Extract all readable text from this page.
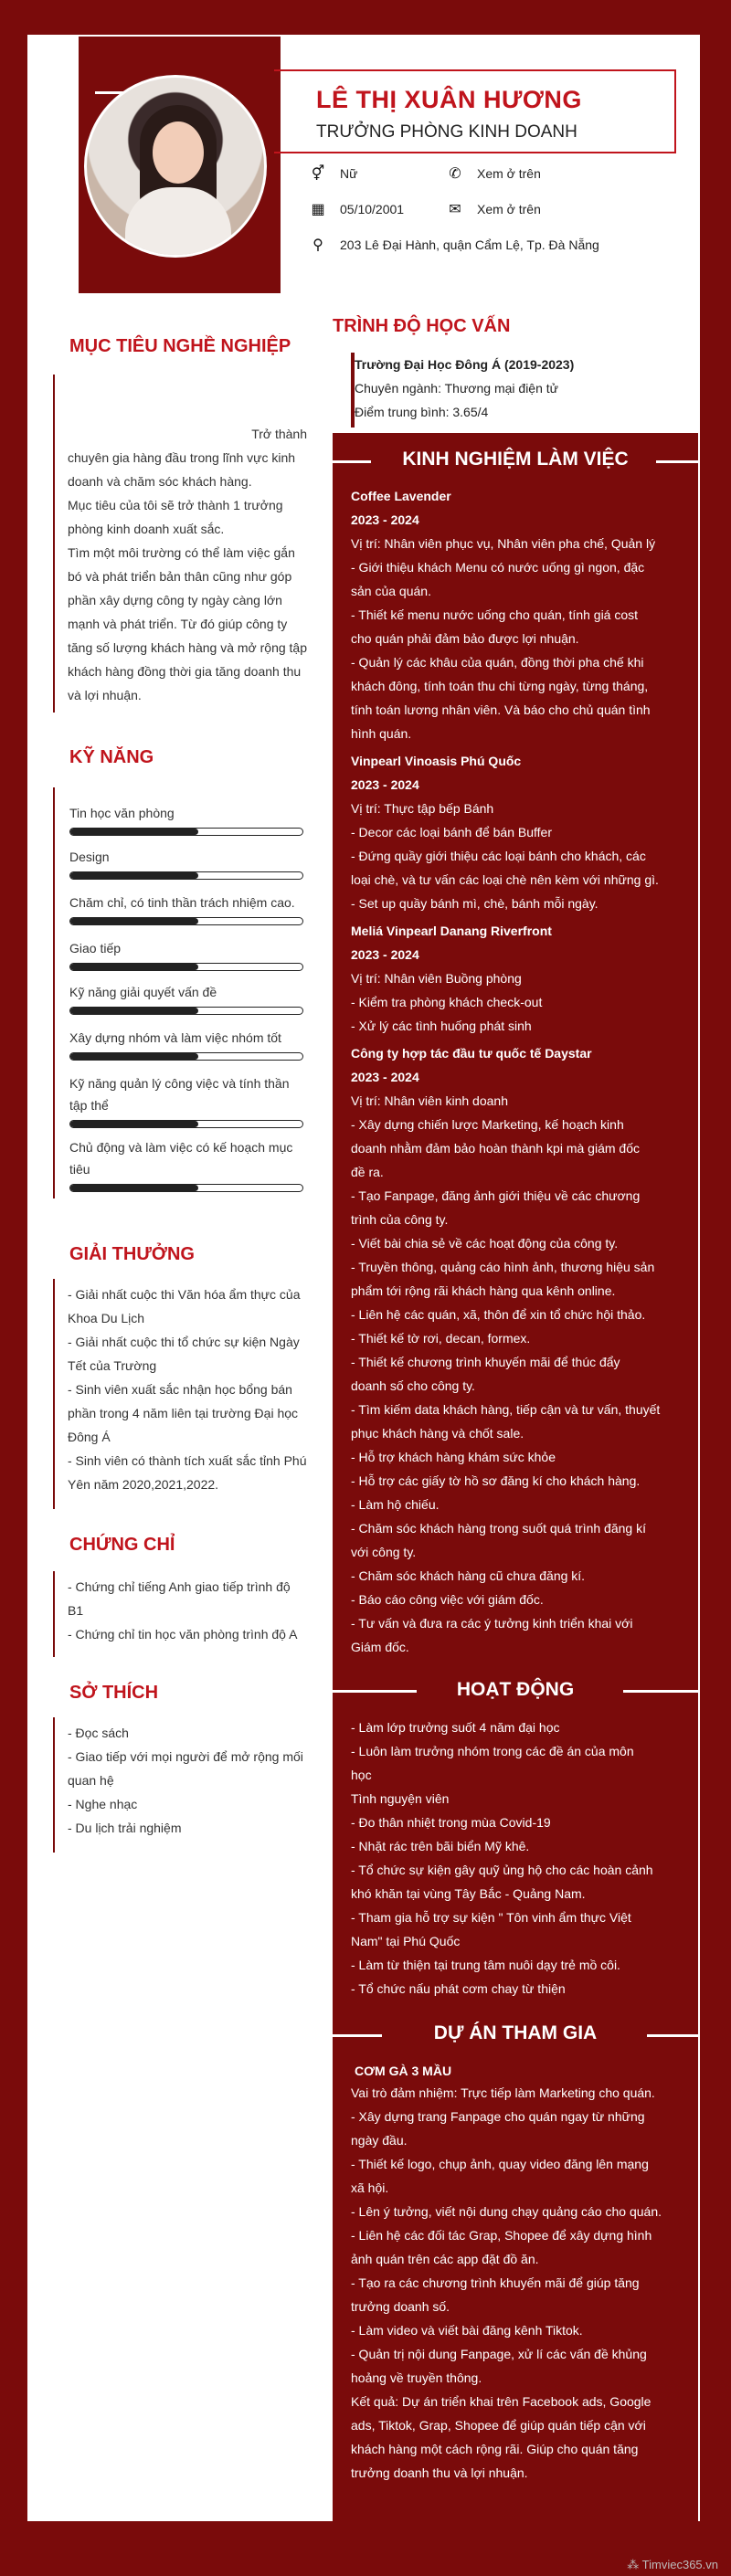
LÊ THỊ XUÂN HƯƠNG
TRƯỞNG PHÒNG KINH DOANH
⚥ Nữ	✆ Xem ở trên
▦ 05/10/2001	✉ Xem ở trên
⚲ 203 Lê Đại Hành, quận Cẩm Lệ, Tp. Đà Nẵng
MỤC TIÊU NGHỀ NGHIỆP
Trở thành
chuyên gia hàng đầu trong lĩnh vực kinh
doanh và chăm sóc khách hàng.
Mục tiêu của tôi sẽ trở thành 1 trưởng
phòng kinh doanh xuất sắc.
Tìm một môi trường có thể làm việc gắn
bó và phát triển bản thân cũng như góp
phần xây dựng công ty ngày càng lớn
mạnh và phát triển. Từ đó giúp công ty
tăng số lượng khách hàng và mở rộng tập
khách hàng đồng thời gia tăng doanh thu
và lợi nhuận.
KỸ NĂNG
GIẢI THƯỞNG
- Giải nhất cuộc thi Văn hóa ẩm thực của
Khoa Du Lịch
- Giải nhất cuộc thi tổ chức sự kiện Ngày
Tết của Trường
- Sinh viên xuất sắc nhận học bổng bán
phần trong 4 năm liên tại trường Đại học
Đông Á
- Sinh viên có thành tích xuất sắc tỉnh Phú
Yên năm 2020,2021,2022.
CHỨNG CHỈ
- Chứng chỉ tiếng Anh giao tiếp trình độ
B1
- Chứng chỉ tin học văn phòng trình độ A
SỞ THÍCH
- Đọc sách
- Giao tiếp với mọi người để mở rộng mối
quan hệ
- Nghe nhạc
- Du lịch trải nghiệm
TRÌNH ĐỘ HỌC VẤN
Trường Đại Học Đông Á (2019-2023)
Chuyên ngành: Thương mại điện tử
Điểm trung bình: 3.65/4
KINH NGHIỆM LÀM VIỆC
Coffee Lavender
2023 - 2024
Vị trí: Nhân viên phục vụ, Nhân viên pha chế, Quản lý
- Giới thiệu khách Menu có nước uống gì ngon, đặc
sản của quán.
- Thiết kế menu nước uống cho quán, tính giá cost
cho quán phải đảm bảo được lợi nhuận.
- Quản lý các khâu của quán, đồng thời pha chế khi
khách đông, tính toán thu chi từng ngày, từng tháng,
tính toán lương nhân viên. Và báo cho chủ quán tình
hình quán.
Vinpearl Vinoasis Phú Quốc
2023 - 2024
Vị trí: Thực tập bếp Bánh
- Decor các loại bánh để bán Buffer
- Đứng quầy giới thiệu các loại bánh cho khách, các
loại chè, và tư vấn các loại chè nên kèm với những gì.
- Set up quầy bánh mì, chè, bánh mỗi ngày.
Meliá Vinpearl Danang Riverfront
2023 - 2024
Vị trí: Nhân viên Buồng phòng
- Kiểm tra phòng khách check-out
- Xử lý các tình huống phát sinh
Công ty hợp tác đầu tư quốc tế Daystar
2023 - 2024
Vị trí: Nhân viên kinh doanh
- Xây dựng chiến lược Marketing, kế hoạch kinh
doanh nhằm đảm bảo hoàn thành kpi mà giám đốc
đề ra.
- Tạo Fanpage, đăng ảnh giới thiệu về các chương
trình của công ty.
- Viết bài chia sẻ về các hoạt động của công ty.
- Truyền thông, quảng cáo hình ảnh, thương hiệu sản
phẩm tới rộng rãi khách hàng qua kênh online.
- Liên hệ các quán, xã, thôn để xin tổ chức hội thảo.
- Thiết kế tờ rơi, decan, formex.
- Thiết kế chương trình khuyến mãi để thúc đẩy
doanh số cho công ty.
- Tìm kiếm data khách hàng, tiếp cận và tư vấn, thuyết
phục khách hàng và chốt sale.
- Hỗ trợ khách hàng khám sức khỏe
- Hỗ trợ các giấy tờ hồ sơ đăng kí cho khách hàng.
- Làm hộ chiếu.
- Chăm sóc khách hàng trong suốt quá trình đăng kí
với công ty.
- Chăm sóc khách hàng cũ chưa đăng kí.
- Báo cáo công việc với giám đốc.
- Tư vấn và đưa ra các ý tưởng kinh triển khai với
Giám đốc.
HOẠT ĐỘNG
- Làm lớp trưởng suốt 4 năm đại học
- Luôn làm trưởng nhóm trong các đề án của môn
học
Tình nguyện viên
- Đo thân nhiệt trong mùa Covid-19
- Nhặt rác trên bãi biển Mỹ khê.
- Tổ chức sự kiện gây quỹ ủng hộ cho các hoàn cảnh
khó khăn tại vùng Tây Bắc - Quảng Nam.
- Tham gia hỗ trợ sự kiện " Tôn vinh ẩm thực Việt
Nam" tại Phú Quốc
- Làm từ thiện tại trung tâm nuôi dạy trẻ mồ côi.
- Tổ chức nấu phát cơm chay từ thiện
DỰ ÁN THAM GIA
CƠM GÀ 3 MẦU
Vai trò đảm nhiệm: Trực tiếp làm Marketing cho quán.
- Xây dựng trang Fanpage cho quán ngay từ những
ngày đầu.
- Thiết kế logo, chụp ảnh, quay video đăng lên mạng
xã hội.
- Lên ý tưởng, viết nội dung chạy quảng cáo cho quán.
- Liên hệ các đối tác Grap, Shopee để xây dựng hình
ảnh quán trên các app đặt đồ ăn.
- Tạo ra các chương trình khuyến mãi để giúp tăng
trưởng doanh số.
- Làm video và viết bài đăng kênh Tiktok.
- Quản trị nội dung Fanpage, xử lí các vấn đề khủng
hoảng về truyền thông.
Kết quả: Dự án triển khai trên Facebook ads, Google
ads, Tiktok, Grap, Shopee để giúp quán tiếp cận với
khách hàng một cách rộng rãi. Giúp cho quán tăng
trưởng doanh thu và lợi nhuận.
⁂ Timviec365.vn
Tin học văn phòng
Design
Chăm chỉ, có tinh thần trách nhiệm cao.
Giao tiếp
Kỹ năng giải quyết vấn đề
Xây dựng nhóm và làm việc nhóm tốt
Kỹ năng quản lý công việc và tính thần tập thể
Chủ động và làm việc có kế hoạch mục tiêu
